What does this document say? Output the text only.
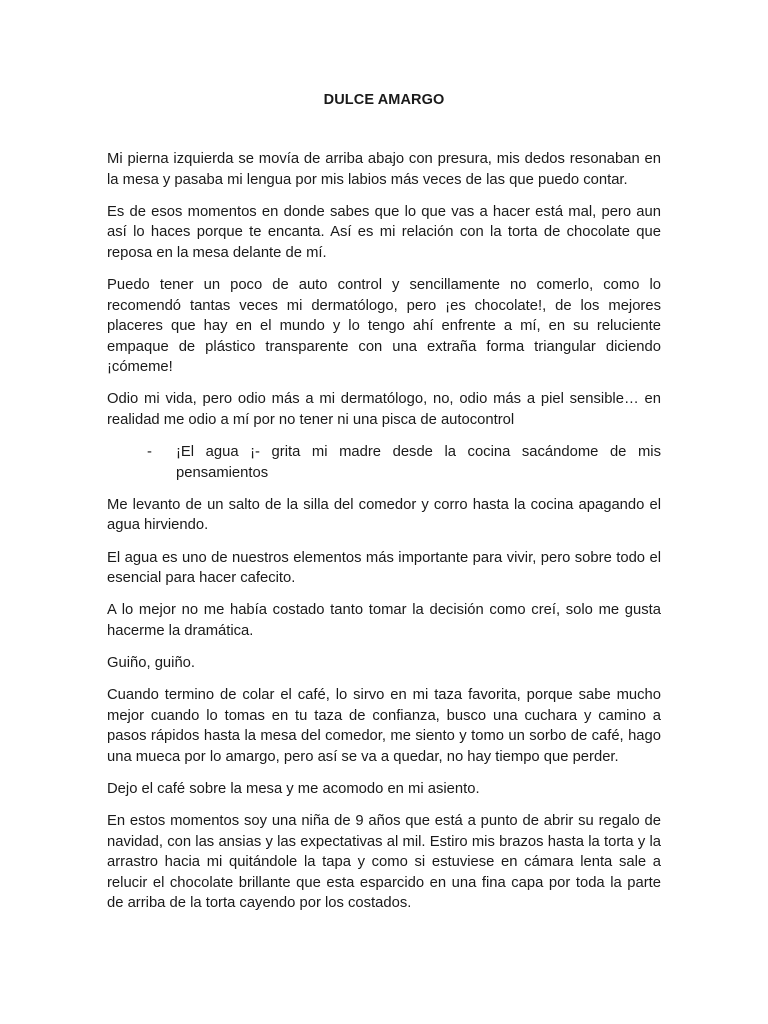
DULCE AMARGO

Mi pierna izquierda se movía de arriba abajo con presura, mis dedos resonaban en la mesa y pasaba mi lengua por mis labios más veces de las que puedo contar.

Es de esos momentos en donde sabes que lo que vas a hacer está mal, pero aun así lo haces porque te encanta. Así es mi relación con la torta de chocolate que reposa en la mesa delante de mí.

Puedo tener un poco de auto control y sencillamente no comerlo, como lo recomendó tantas veces mi dermatólogo, pero ¡es chocolate!, de los mejores placeres que hay en el mundo y lo tengo ahí enfrente a mí, en su reluciente empaque de plástico transparente con una extraña forma triangular diciendo ¡cómeme!

Odio mi vida, pero odio más a mi dermatólogo, no, odio más a piel sensible… en realidad me odio a mí por no tener ni una pisca de autocontrol

-	¡El agua ¡- grita mi madre desde la cocina sacándome de mis pensamientos

Me levanto de un salto de la silla del comedor y corro hasta la cocina apagando el agua hirviendo.

El agua es uno de nuestros elementos más importante para vivir, pero sobre todo el esencial para hacer cafecito.

A lo mejor no me había costado tanto tomar la decisión como creí, solo me gusta hacerme la dramática.

Guiño, guiño.

Cuando termino de colar el café, lo sirvo en mi taza favorita, porque sabe mucho mejor cuando lo tomas en tu taza de confianza, busco una cuchara y camino a pasos rápidos hasta la mesa del comedor, me siento y tomo un sorbo de café, hago una mueca por lo amargo, pero así se va a quedar, no hay tiempo que perder.

Dejo el café sobre la mesa y me acomodo en mi asiento.

En estos momentos soy una niña de 9 años que está a punto de abrir su regalo de navidad, con las ansias y las expectativas al mil. Estiro mis brazos hasta la torta y la arrastro hacia mi quitándole la tapa y como si estuviese en cámara lenta sale a relucir el chocolate brillante que esta esparcido en una fina capa por toda la parte de arriba de la torta cayendo por los costados.
